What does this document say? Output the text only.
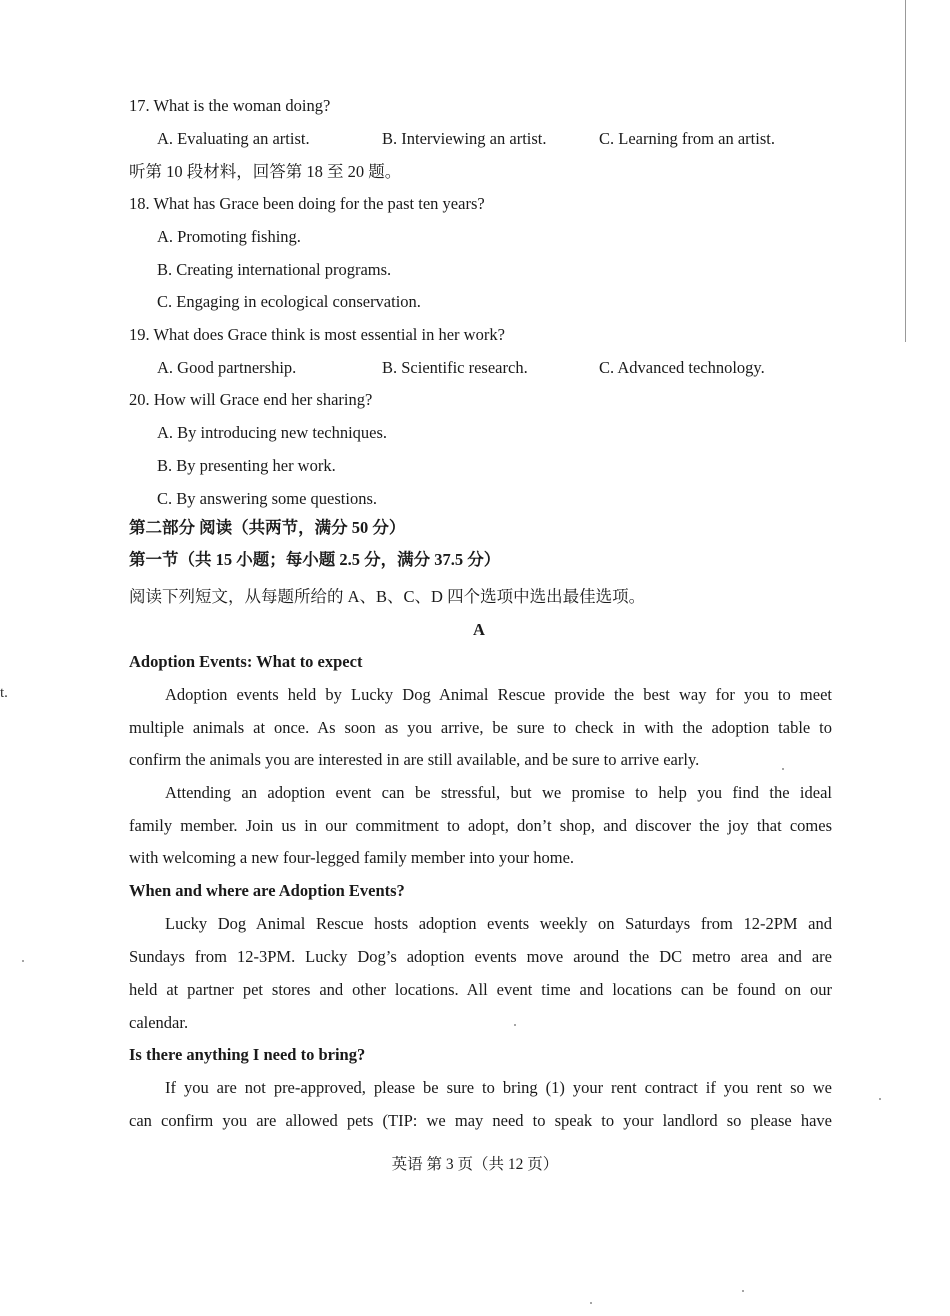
17. What is the woman doing?
A. Evaluating an artist.	B. Interviewing an artist.	C. Learning from an artist.
听第 10 段材料，回答第 18 至 20 题。
18. What has Grace been doing for the past ten years?
A. Promoting fishing.
B. Creating international programs.
C. Engaging in ecological conservation.
19. What does Grace think is most essential in her work?
A. Good partnership.	B. Scientific research.	C. Advanced technology.
20. How will Grace end her sharing?
A. By introducing new techniques.
B. By presenting her work.
C. By answering some questions.
第二部分 阅读（共两节，满分 50 分）
第一节（共 15 小题；每小题 2.5 分，满分 37.5 分）
阅读下列短文，从每题所给的 A、B、C、D 四个选项中选出最佳选项。
A
Adoption Events: What to expect
Adoption events held by Lucky Dog Animal Rescue provide the best way for you to meet
multiple animals at once. As soon as you arrive, be sure to check in with the adoption table to
confirm the animals you are interested in are still available, and be sure to arrive early.
Attending an adoption event can be stressful, but we promise to help you find the ideal
family member. Join us in our commitment to adopt, don’t shop, and discover the joy that comes
with welcoming a new four-legged family member into your home.
When and where are Adoption Events?
Lucky Dog Animal Rescue hosts adoption events weekly on Saturdays from 12-2PM and
Sundays from 12-3PM. Lucky Dog’s adoption events move around the DC metro area and are
held at partner pet stores and other locations. All event time and locations can be found on our
calendar.
Is there anything I need to bring?
If you are not pre-approved, please be sure to bring (1) your rent contract if you rent so we
can confirm you are allowed pets (TIP: we may need to speak to your landlord so please have
t.
英语 第 3 页（共 12 页）
